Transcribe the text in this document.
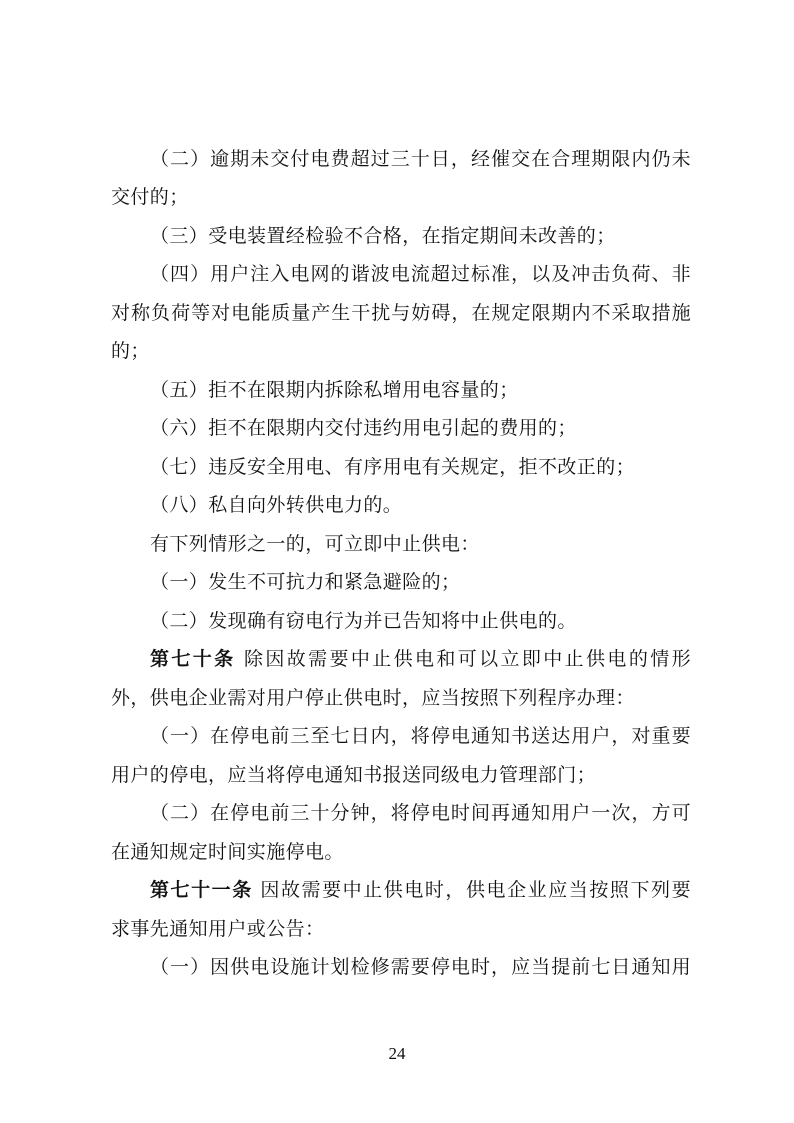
（二）逾期未交付电费超过三十日，经催交在合理期限内仍未
交付的；
（三）受电装置经检验不合格，在指定期间未改善的；
（四）用户注入电网的谐波电流超过标准，以及冲击负荷、非
对称负荷等对电能质量产生干扰与妨碍，在规定限期内不采取措施
的；
（五）拒不在限期内拆除私增用电容量的；
（六）拒不在限期内交付违约用电引起的费用的；
（七）违反安全用电、有序用电有关规定，拒不改正的；
（八）私自向外转供电力的。
有下列情形之一的，可立即中止供电：
（一）发生不可抗力和紧急避险的；
（二）发现确有窃电行为并已告知将中止供电的。
第七十条 除因故需要中止供电和可以立即中止供电的情形
外，供电企业需对用户停止供电时，应当按照下列程序办理：
（一）在停电前三至七日内，将停电通知书送达用户，对重要
用户的停电，应当将停电通知书报送同级电力管理部门；
（二）在停电前三十分钟，将停电时间再通知用户一次，方可
在通知规定时间实施停电。
第七十一条 因故需要中止供电时，供电企业应当按照下列要
求事先通知用户或公告：
（一）因供电设施计划检修需要停电时，应当提前七日通知用
24
